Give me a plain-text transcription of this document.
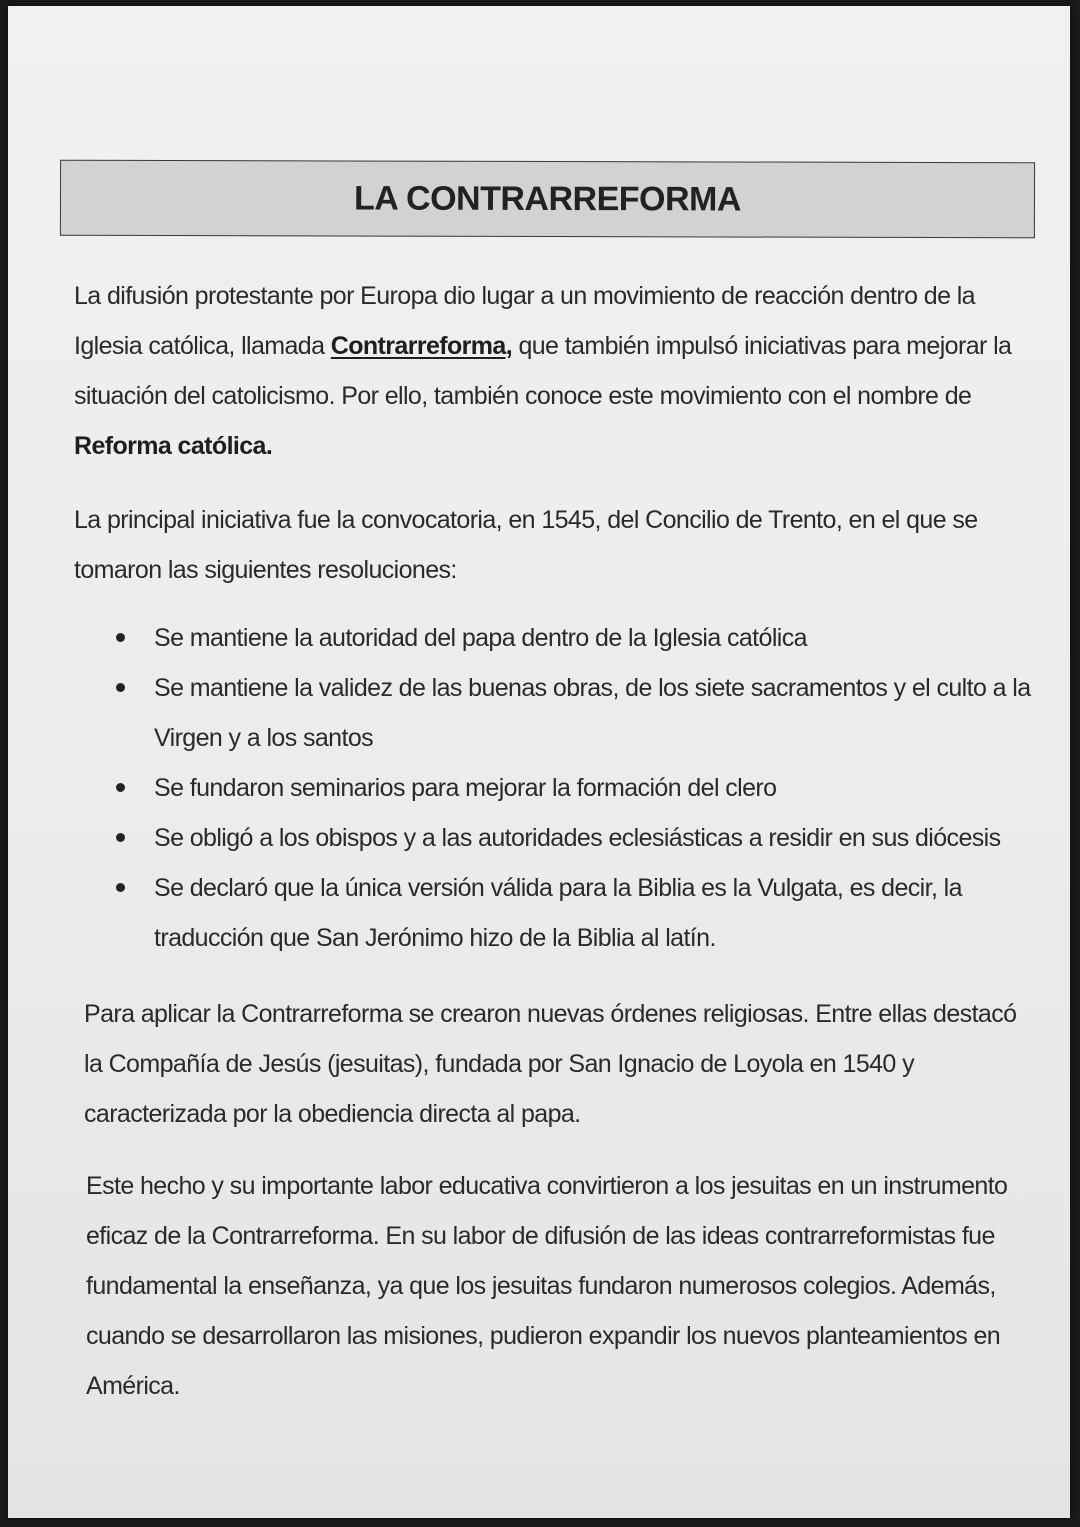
LA CONTRARREFORMA

La difusión protestante por Europa dio lugar a un movimiento de reacción dentro de la Iglesia católica, llamada Contrarreforma, que también impulsó iniciativas para mejorar la situación del catolicismo. Por ello, también conoce este movimiento con el nombre de Reforma católica.

La principal iniciativa fue la convocatoria, en 1545, del Concilio de Trento, en el que se tomaron las siguientes resoluciones:

Se mantiene la autoridad del papa dentro de la Iglesia católica
Se mantiene la validez de las buenas obras, de los siete sacramentos y el culto a la Virgen y a los santos
Se fundaron seminarios para mejorar la formación del clero
Se obligó a los obispos y a las autoridades eclesiásticas a residir en sus diócesis
Se declaró que la única versión válida para la Biblia es la Vulgata, es decir, la traducción que San Jerónimo hizo de la Biblia al latín.

Para aplicar la Contrarreforma se crearon nuevas órdenes religiosas. Entre ellas destacó la Compañía de Jesús (jesuitas), fundada por San Ignacio de Loyola en 1540 y caracterizada por la obediencia directa al papa.

Este hecho y su importante labor educativa convirtieron a los jesuitas en un instrumento eficaz de la Contrarreforma. En su labor de difusión de las ideas contrarreformistas fue fundamental la enseñanza, ya que los jesuitas fundaron numerosos colegios. Además, cuando se desarrollaron las misiones, pudieron expandir los nuevos planteamientos en América.
